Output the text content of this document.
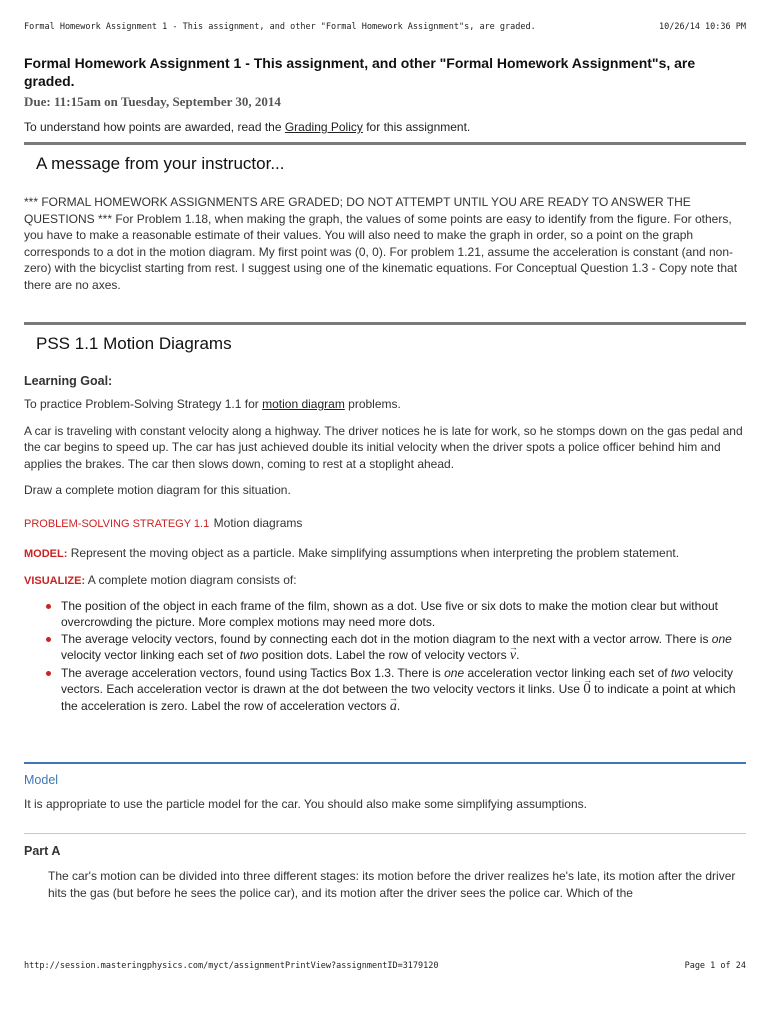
Formal Homework Assignment 1 - This assignment, and other "Formal Homework Assignment"s, are graded.	10/26/14 10:36 PM
Formal Homework Assignment 1 - This assignment, and other "Formal Homework Assignment"s, are graded.
Due: 11:15am on Tuesday, September 30, 2014
To understand how points are awarded, read the Grading Policy for this assignment.
A message from your instructor...
*** FORMAL HOMEWORK ASSIGNMENTS ARE GRADED; DO NOT ATTEMPT UNTIL YOU ARE READY TO ANSWER THE QUESTIONS *** For Problem 1.18, when making the graph, the values of some points are easy to identify from the figure. For others, you have to make a reasonable estimate of their values. You will also need to make the graph in order, so a point on the graph corresponds to a dot in the motion diagram. My first point was (0, 0). For problem 1.21, assume the acceleration is constant (and non-zero) with the bicyclist starting from rest. I suggest using one of the kinematic equations. For Conceptual Question 1.3 - Copy note that there are no axes.
PSS 1.1 Motion Diagrams
Learning Goal:
To practice Problem-Solving Strategy 1.1 for motion diagram problems.
A car is traveling with constant velocity along a highway. The driver notices he is late for work, so he stomps down on the gas pedal and the car begins to speed up. The car has just achieved double its initial velocity when the driver spots a police officer behind him and applies the brakes. The car then slows down, coming to rest at a stoplight ahead.
Draw a complete motion diagram for this situation.
PROBLEM-SOLVING STRATEGY 1.1 Motion diagrams
MODEL: Represent the moving object as a particle. Make simplifying assumptions when interpreting the problem statement.
VISUALIZE: A complete motion diagram consists of:
The position of the object in each frame of the film, shown as a dot. Use five or six dots to make the motion clear but without overcrowding the picture. More complex motions may need more dots.
The average velocity vectors, found by connecting each dot in the motion diagram to the next with a vector arrow. There is one velocity vector linking each set of two position dots. Label the row of velocity vectors → v.
The average acceleration vectors, found using Tactics Box 1.3. There is one acceleration vector linking each set of two velocity vectors. Each acceleration vector is drawn at the dot between the two velocity vectors it links. Use → 0 to indicate a point at which the acceleration is zero. Label the row of acceleration vectors → a.
Model
It is appropriate to use the particle model for the car. You should also make some simplifying assumptions.
Part A
The car's motion can be divided into three different stages: its motion before the driver realizes he's late, its motion after the driver hits the gas (but before he sees the police car), and its motion after the driver sees the police car. Which of the
http://session.masteringphysics.com/myct/assignmentPrintView?assignmentID=3179120	Page 1 of 24
